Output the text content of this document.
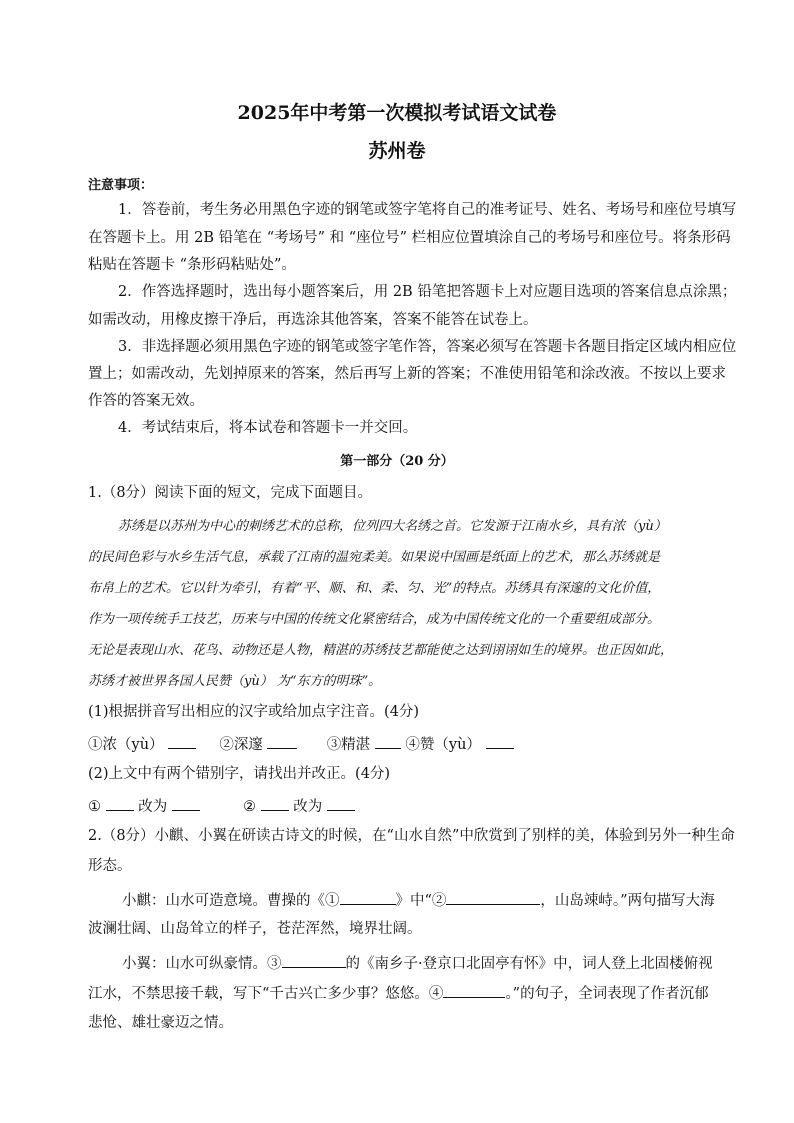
2025年中考第一次模拟考试语文试卷
苏州卷
注意事项：
1．答卷前，考生务必用黑色字迹的钢笔或签字笔将自己的准考证号、姓名、考场号和座位号填写
在答题卡上。用 2B 铅笔在 “考场号” 和 “座位号” 栏相应位置填涂自己的考场号和座位号。将条形码
粘贴在答题卡 “条形码粘贴处”。
2．作答选择题时，选出每小题答案后，用 2B 铅笔把答题卡上对应题目选项的答案信息点涂黑；
如需改动，用橡皮擦干净后，再选涂其他答案，答案不能答在试卷上。
3．非选择题必须用黑色字迹的钢笔或签字笔作答，答案必须写在答题卡各题目指定区域内相应位
置上；如需改动，先划掉原来的答案，然后再写上新的答案；不准使用铅笔和涂改液。不按以上要求
作答的答案无效。
4．考试结束后，将本试卷和答题卡一并交回。
第一部分（20 分）
1.（8分）阅读下面的短文，完成下面题目。
苏绣是以苏州为中心的刺绣艺术的总称，位列四大名绣之首。它发源于江南水乡，具有浓（yù）
的民间色彩与水乡生活气息，承载了江南的温宛柔美。如果说中国画是纸面上的艺术，那么苏绣就是
布帛上的艺术。它以针为牵引，有着“平、顺、和、柔、匀、光”的特点。苏绣具有深邃的文化价值，
作为一项传统手工技艺，历来与中国的传统文化紧密结合，成为中国传统文化的一个重要组成部分。
无论是表现山水、花鸟、动物还是人物，精湛的苏绣技艺都能使之达到诩诩如生的境界。也正因如此，
苏绣才被世界各国人民赞（yù） 为“东方的明珠”。
(1)根据拼音写出相应的汉字或给加点字注音。(4分)
①浓（yù）	②深邃	③精湛 ④赞（yù）
(2)上文中有两个错别字，请找出并改正。(4分)
①	改为	②	改为
2.（8分）小麒、小翼在研读古诗文的时候，在“山水自然”中欣赏到了别样的美，体验到另外一种生命
形态。
小麒：山水可造意境。曹操的《①	》中“②	，山岛竦峙。”两句描写大海
波澜壮阔、山岛耸立的样子，苍茫浑然，境界壮阔。
小翼：山水可纵豪情。③	的《南乡子·登京口北固亭有怀》中，词人登上北固楼俯视
江水，不禁思接千载，写下“千古兴亡多少事？悠悠。④	。”的句子，全词表现了作者沉郁
悲怆、雄壮豪迈之情。
